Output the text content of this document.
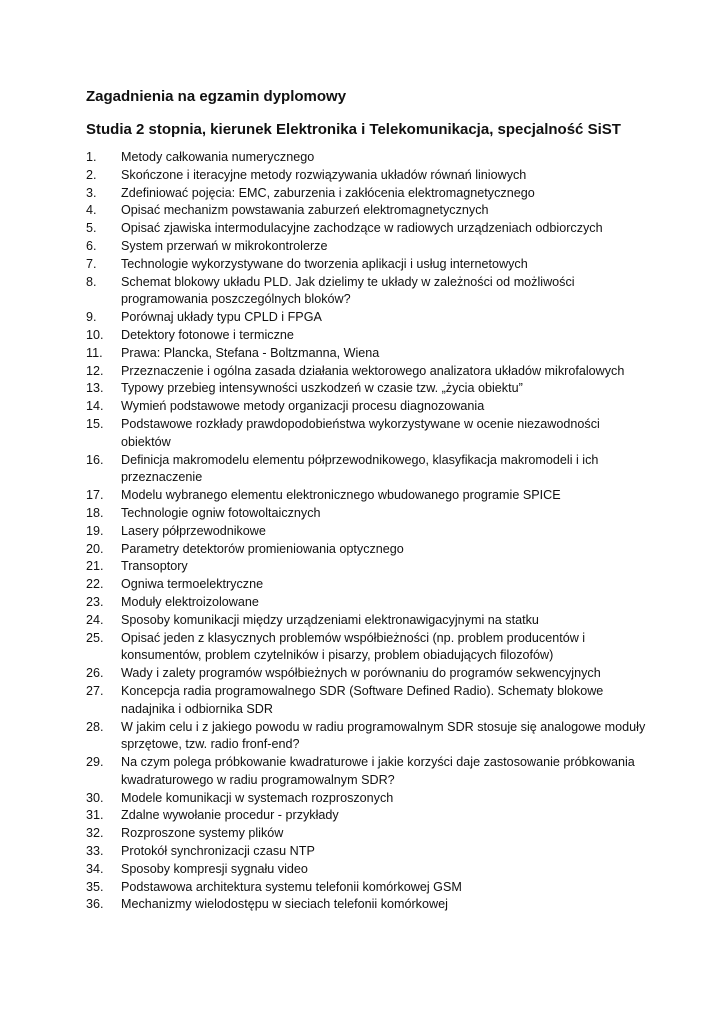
Zagadnienia na egzamin dyplomowy
Studia 2 stopnia, kierunek Elektronika i Telekomunikacja, specjalność SiST
1.	Metody całkowania numerycznego
2.	Skończone i iteracyjne metody rozwiązywania układów równań liniowych
3.	Zdefiniować pojęcia: EMC, zaburzenia i zakłócenia elektromagnetycznego
4.	Opisać mechanizm powstawania zaburzeń elektromagnetycznych
5.	Opisać zjawiska intermodulacyjne zachodzące w radiowych urządzeniach odbiorczych
6.	System przerwań w mikrokontrolerze
7.	Technologie wykorzystywane do tworzenia aplikacji i usług internetowych
8.	Schemat blokowy układu PLD. Jak dzielimy te układy w zależności od możliwości programowania poszczególnych bloków?
9.	Porównaj układy typu CPLD i FPGA
10.	Detektory fotonowe i termiczne
11.	Prawa: Plancka, Stefana - Boltzmanna, Wiena
12.	Przeznaczenie i ogólna zasada działania wektorowego analizatora układów mikrofalowych
13.	Typowy przebieg intensywności uszkodzeń w czasie tzw. „życia obiektu”
14.	Wymień podstawowe metody organizacji procesu diagnozowania
15.	Podstawowe rozkłady prawdopodobieństwa wykorzystywane w ocenie niezawodności obiektów
16.	Definicja makromodelu elementu półprzewodnikowego, klasyfikacja makromodeli i ich przeznaczenie
17.	Modelu wybranego elementu elektronicznego wbudowanego programie SPICE
18.	Technologie ogniw fotowoltaicznych
19.	Lasery półprzewodnikowe
20.	Parametry detektorów promieniowania optycznego
21.	Transoptory
22.	Ogniwa termoelektryczne
23.	Moduły elektroizolowane
24.	Sposoby komunikacji między urządzeniami elektronawigacyjnymi na statku
25.	Opisać jeden z klasycznych problemów współbieżności (np. problem producentów i konsumentów, problem czytelników i pisarzy, problem obiadujących filozofów)
26.	Wady i zalety programów współbieżnych w porównaniu do programów sekwencyjnych
27.	Koncepcja radia programowalnego SDR (Software Defined Radio). Schematy blokowe nadajnika i odbiornika SDR
28.	W jakim celu i z jakiego powodu w radiu programowalnym SDR stosuje się analogowe moduły sprzętowe, tzw. radio fronf-end?
29.	Na czym polega próbkowanie kwadraturowe i jakie korzyści daje zastosowanie próbkowania kwadraturowego w radiu programowalnym SDR?
30.	Modele komunikacji w systemach rozproszonych
31.	Zdalne wywołanie procedur - przykłady
32.	Rozproszone systemy plików
33.	Protokół synchronizacji czasu NTP
34.	Sposoby kompresji sygnału video
35.	Podstawowa architektura systemu telefonii komórkowej GSM
36.	Mechanizmy wielodostępu w sieciach telefonii komórkowej
